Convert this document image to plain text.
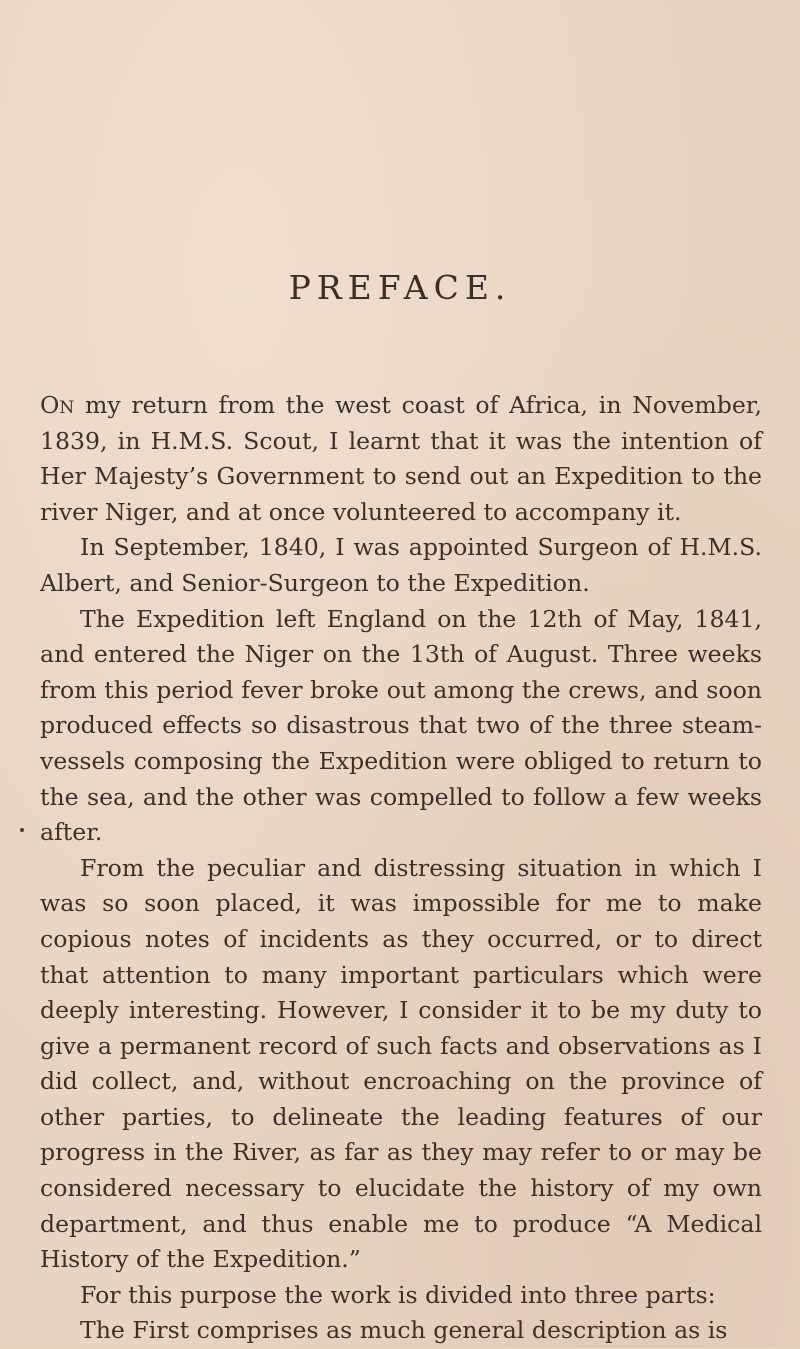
PREFACE.

On my return from the west coast of Africa, in November, 1839, in H.M.S. Scout, I learnt that it was the intention of Her Majesty’s Government to send out an Expedition to the river Niger, and at once volunteered to accompany it.

In September, 1840, I was appointed Surgeon of H.M.S. Albert, and Senior-Surgeon to the Expedition.

The Expedition left England on the 12th of May, 1841, and entered the Niger on the 13th of August. Three weeks from this period fever broke out among the crews, and soon produced effects so disastrous that two of the three steam-vessels composing the Expedition were obliged to return to the sea, and the other was compelled to follow a few weeks after.

From the peculiar and distressing situation in which I was so soon placed, it was impossible for me to make copious notes of incidents as they occurred, or to direct that attention to many important particulars which were deeply interesting. However, I consider it to be my duty to give a permanent record of such facts and observations as I did collect, and, without encroaching on the province of other parties, to delineate the leading features of our progress in the River, as far as they may refer to or may be considered necessary to elucidate the history of my own department, and thus enable me to produce “A Medical History of the Expedition.”

For this purpose the work is divided into three parts:

The First comprises as much general description as is
